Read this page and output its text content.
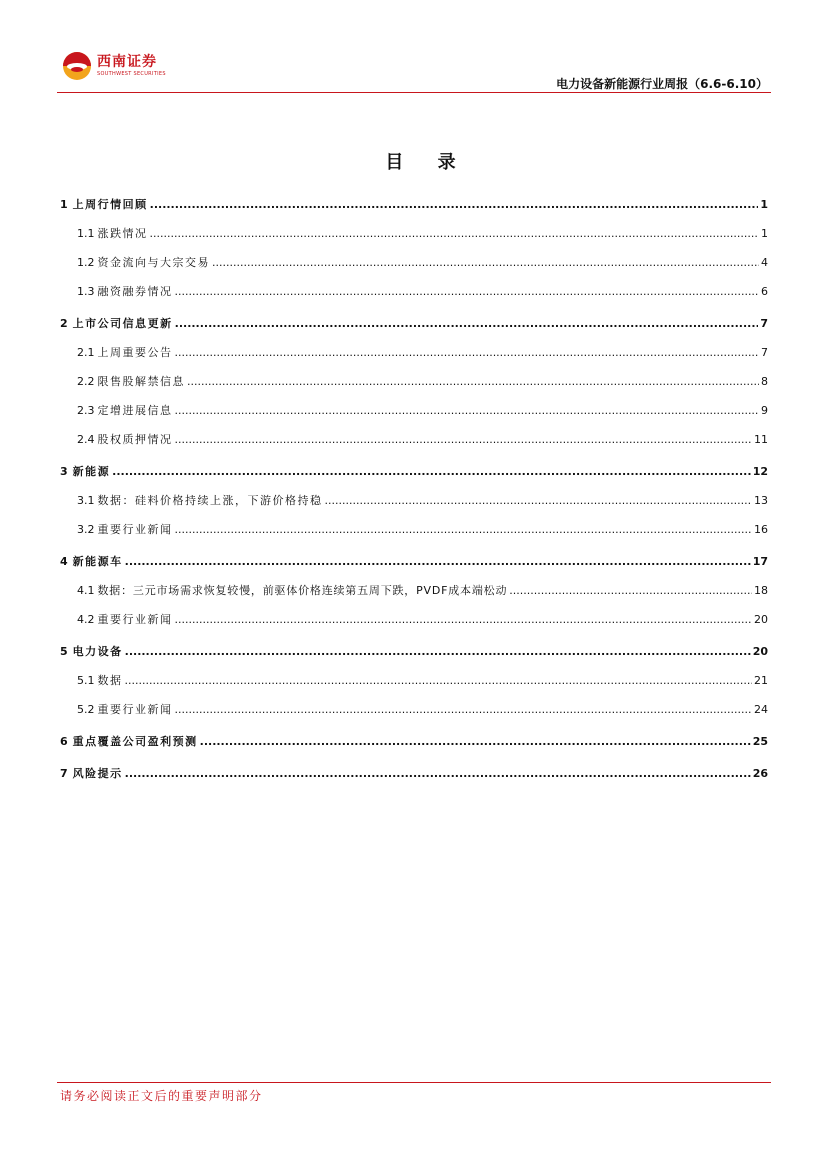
西南证券
SOUTHWEST SECURITIES
电力设备新能源行业周报（6.6-6.10）
目 录
1 上周行情回顾 .....	1
1.1 涨跌情况 .....	1
1.2 资金流向与大宗交易 .....	4
1.3 融资融券情况 .....	6
2 上市公司信息更新 .....	7
2.1 上周重要公告 .....	7
2.2 限售股解禁信息 .....	8
2.3 定增进展信息 .....	9
2.4 股权质押情况 .....	11
3 新能源 .....	12
3.1 数据：硅料价格持续上涨，下游价格持稳 .....	13
3.2 重要行业新闻 .....	16
4 新能源车 .....	17
4.1 数据：三元市场需求恢复较慢，前驱体价格连续第五周下跌，PVDF成本端松动 .....	18
4.2 重要行业新闻 .....	20
5 电力设备 .....	20
5.1 数据 .....	21
5.2 重要行业新闻 .....	24
6 重点覆盖公司盈利预测 .....	25
7 风险提示 .....	26
请务必阅读正文后的重要声明部分
